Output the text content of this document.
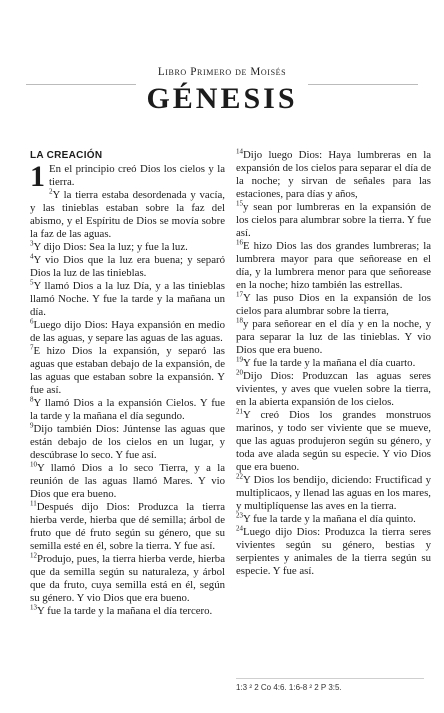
Libro Primero de Moisés
GÉNESIS
LA CREACIÓN

1 En el principio creó Dios los cielos y la tierra.

$^2$Y la tierra estaba desordenada y vacía, y las tinieblas estaban sobre la faz del abismo, y el Espíritu de Dios se movía sobre la faz de las aguas.

$^3$Y dijo Dios: Sea la luz; y fue la luz.

$^4$Y vio Dios que la luz era buena; y separó Dios la luz de las tinieblas.

$^5$Y llamó Dios a la luz Día, y a las tinieblas llamó Noche. Y fue la tarde y la mañana un día.

$^6$Luego dijo Dios: Haya expansión en medio de las aguas, y separe las aguas de las aguas.

$^7$E hizo Dios la expansión, y separó las aguas que estaban debajo de la expansión, de las aguas que estaban sobre la expansión. Y fue así.

$^8$Y llamó Dios a la expansión Cielos. Y fue la tarde y la mañana el día segundo.

$^9$Dijo también Dios: Júntense las aguas que están debajo de los cielos en un lugar, y descúbrase lo seco. Y fue así.

$^{10}$Y llamó Dios a lo seco Tierra, y a la reunión de las aguas llamó Mares. Y vio Dios que era bueno.

$^{11}$Después dijo Dios: Produzca la tierra hierba verde, hierba que dé semilla; árbol de fruto que dé fruto según su género, que su semilla esté en él, sobre la tierra. Y fue así.

$^{12}$Produjo, pues, la tierra hierba verde, hierba que da semilla según su naturaleza, y árbol que da fruto, cuya semilla está en él, según su género. Y vio Dios que era bueno.

$^{13}$Y fue la tarde y la mañana el día tercero.

$^{14}$Dijo luego Dios: Haya lumbreras en la expansión de los cielos para separar el día de la noche; y sirvan de señales para las estaciones, para días y años,

$^{15}$y sean por lumbreras en la expansión de los cielos para alumbrar sobre la tierra. Y fue así.

$^{16}$E hizo Dios las dos grandes lumbreras; la lumbrera mayor para que señorease en el día, y la lumbrera menor para que señorease en la noche; hizo también las estrellas.

$^{17}$Y las puso Dios en la expansión de los cielos para alumbrar sobre la tierra,

$^{18}$y para señorear en el día y en la noche, y para separar la luz de las tinieblas. Y vio Dios que era bueno.

$^{19}$Y fue la tarde y la mañana el día cuarto.

$^{20}$Dijo Dios: Produzcan las aguas seres vivientes, y aves que vuelen sobre la tierra, en la abierta expansión de los cielos.

$^{21}$Y creó Dios los grandes monstruos marinos, y todo ser viviente que se mueve, que las aguas produjeron según su género, y toda ave alada según su especie. Y vio Dios que era bueno.

$^{22}$Y Dios los bendijo, diciendo: Fructificad y multiplicaos, y llenad las aguas en los mares, y multiplíquense las aves en la tierra.

$^{23}$Y fue la tarde y la mañana el día quinto.

$^{24}$Luego dijo Dios: Produzca la tierra seres vivientes según su género, bestias y serpientes y animales de la tierra según su especie. Y fue así.

1:3 ² 2 Co 4:6. 1:6-8 ² 2 P 3:5.
